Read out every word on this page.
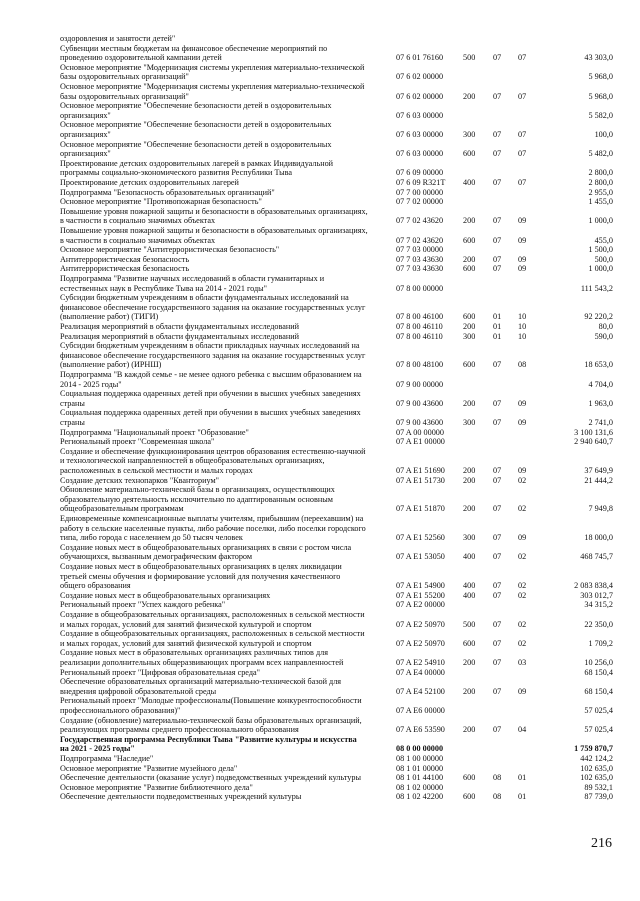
оздоровления и занятости детей"
Субвенции местным бюджетам на финансовое обеспечение мероприятий по
проведению оздоровительной кампании детей	07 6 01 76160 500 07 07	43 303,0
Основное мероприятие "Модернизация системы укрепления материально-технической
базы оздоровительных организаций"	07 6 02 00000	5 968,0
Основное мероприятие "Модернизация системы укрепления материально-технической
базы оздоровительных организаций"	07 6 02 00000 200 07 07	5 968,0
Основное мероприятие "Обеспечение безопасности детей в оздоровительных
организациях"	07 6 03 00000	5 582,0
Основное мероприятие "Обеспечение безопасности детей в оздоровительных
организациях"	07 6 03 00000 300 07 07	100,0
Основное мероприятие "Обеспечение безопасности детей в оздоровительных
организациях"	07 6 03 00000 600 07 07	5 482,0
Проектирование детских оздоровительных лагерей в рамках Индивидуальной
программы социально-экономического развития Республики Тыва	07 6 09 00000	2 800,0
Проектирование детских оздоровительных лагерей	07 6 09 R321T 400 07 07	2 800,0
Подпрограмма "Безопасность образовательных организаций"	07 7 00 00000	2 955,0
Основное мероприятие "Противопожарная безопасность"	07 7 02 00000	1 455,0
Повышение уровня пожарной защиты и безопасности в образовательных организациях,
в частности в социально значимых объектах	07 7 02 43620 200 07 09	1 000,0
Повышение уровня пожарной защиты и безопасности в образовательных организациях,
в частности в социально значимых объектах	07 7 02 43620 600 07 09	455,0
Основное мероприятие "Антитеррористическая безопасность"	07 7 03 00000	1 500,0
Антитеррористическая безопасность	07 7 03 43630 200 07 09	500,0
Антитеррористическая безопасность	07 7 03 43630 600 07 09	1 000,0
Подпрограмма "Развитие научных исследований в области гуманитарных и
естественных наук в Республике Тыва на 2014 - 2021 годы"	07 8 00 00000	111 543,2
Субсидии бюджетным учреждениям в области фундаментальных исследований на
финансовое обеспечение государственного задания на оказание государственных услуг
(выполнение работ) (ТИГИ)	07 8 00 46100 600 01 10	92 220,2
Реализация мероприятий в области фундаментальных исследований	07 8 00 46110 200 01 10	80,0
Реализация мероприятий в области фундаментальных исследований	07 8 00 46110 300 01 10	590,0
Субсидии бюджетным учреждениям в области прикладных научных исследований на
финансовое обеспечение государственного задания на оказание государственных услуг
(выполнение работ) (ИРНШ)	07 8 00 48100 600 07 08	18 653,0
Подпрограмма "В каждой семье - не менее одного ребенка с высшим образованием на
2014 - 2025 годы"	07 9 00 00000	4 704,0
Социальная поддержка одаренных детей при обучении в высших учебных заведениях
страны	07 9 00 43600 200 07 09	1 963,0
Социальная поддержка одаренных детей при обучении в высших учебных заведениях
страны	07 9 00 43600 300 07 09	2 741,0
Подпрограмма "Национальный проект "Образование"	07 A 00 00000	3 100 131,6
Региональный проект "Современная школа"	07 A E1 00000	2 940 640,7
Создание и обеспечение функционирования центров образования естественно-научной
и технологической направленностей в общеобразовательных организациях,
расположенных в сельской местности и малых городах	07 A E1 51690 200 07 09	37 649,9
Создание детских технопарков "Кванториум"	07 A E1 51730 200 07 02	21 444,2
Обновление материально-технической базы в организациях, осуществляющих
образовательную деятельность исключительно по адаптированным основным
общеобразовательным программам	07 A E1 51870 200 07 02	7 949,8
Единовременные компенсационные выплаты учителям, прибывшим (переехавшим) на
работу в сельские населенные пункты, либо рабочие поселки, либо поселки городского
типа, либо города с населением до 50 тысяч человек	07 A E1 52560 300 07 09	18 000,0
Создание новых мест в общеобразовательных организациях в связи с ростом числа
обучающихся, вызванным демографическим фактором	07 A E1 53050 400 07 02	468 745,7
Создание новых мест в общеобразовательных организациях в целях ликвидации
третьей смены обучения и формирование условий для получения качественного
общего образования	07 A E1 54900 400 07 02	2 083 838,4
Создание новых мест в общеобразовательных организациях	07 A E1 55200 400 07 02	303 012,7
Региональный проект "Успех каждого ребенка"	07 A E2 00000	34 315,2
Создание в общеобразовательных организациях, расположенных в сельской местности
и малых городах, условий для занятий физической культурой и спортом	07 A E2 50970 500 07 02	22 350,0
Создание в общеобразовательных организациях, расположенных в сельской местности
и малых городах, условий для занятий физической культурой и спортом	07 A E2 50970 600 07 02	1 709,2
Создание новых мест в образовательных организациях различных типов для
реализации дополнительных общеразвивающих программ всех направленностей	07 A E2 54910 200 07 03	10 256,0
Региональный проект "Цифровая образовательная среда"	07 A E4 00000	68 150,4
Обеспечение образовательных организаций материально-технической базой для
внедрения цифровой образовательной среды	07 A E4 52100 200 07 09	68 150,4
Региональный проект "Молодые профессионалы(Повышение конкурентоспособности
профессионального образования)"	07 A E6 00000	57 025,4
Создание (обновление) материально-технической базы образовательных организаций,
реализующих программы среднего профессионального образования	07 A E6 53590 200 07 04	57 025,4
Государственная программа Республики Тыва "Развитие культуры и искусства
на 2021 - 2025 годы"	08 0 00 00000	1 759 870,7
Подпрограмма "Наследие"	08 1 00 00000	442 124,2
Основное мероприятие "Развитие музейного дела"	08 1 01 00000	102 635,0
Обеспечение деятельности (оказание услуг) подведомственных учреждений культуры	08 1 01 44100 600 08 01	102 635,0
Основное мероприятие "Развитие библиотечного дела"	08 1 02 00000	89 532,1
Обеспечение деятельности подведомственных учреждений культуры	08 1 02 42200 600 08 01	87 739,0
216
